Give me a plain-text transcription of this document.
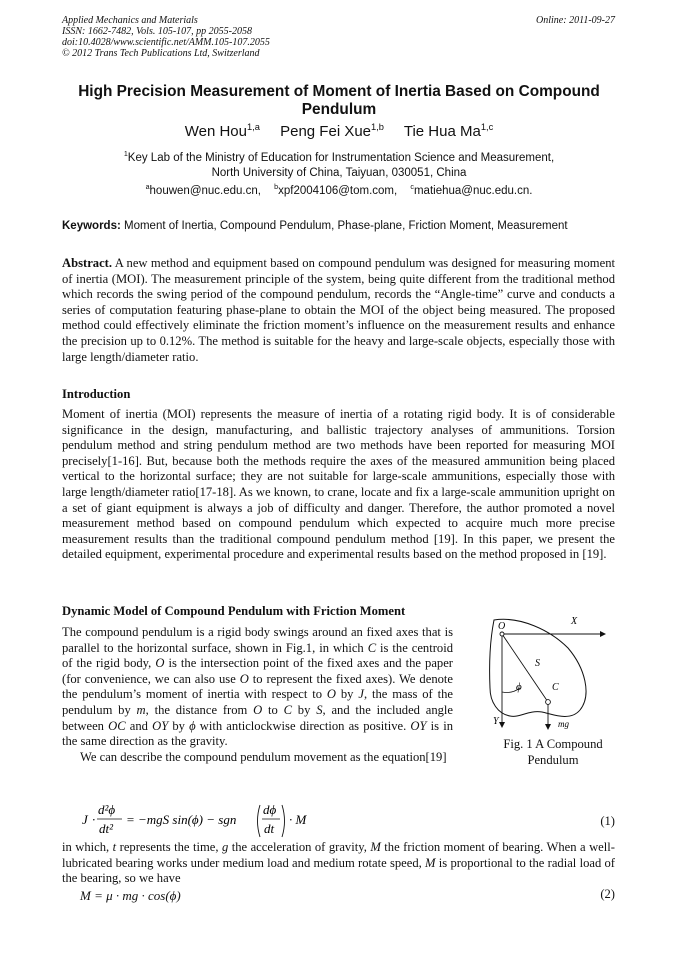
Applied Mechanics and Materials
ISSN: 1662-7482, Vols. 105-107, pp 2055-2058
doi:10.4028/www.scientific.net/AMM.105-107.2055
© 2012 Trans Tech Publications Ltd, Switzerland
Online: 2011-09-27
High Precision Measurement of Moment of Inertia Based on Compound Pendulum
Wen Hou$^{1,a}$ Peng Fei Xue$^{1,b}$ Tie Hua Ma$^{1,c}$
$^1$Key Lab of the Ministry of Education for Instrumentation Science and Measurement,
North University of China, Taiyuan, 030051, China
$^a$houwen@nuc.edu.cn, $^b$xpf2004106@tom.com, $^c$matiehua@nuc.edu.cn.
Keywords: Moment of Inertia, Compound Pendulum, Phase-plane, Friction Moment, Measurement
Abstract. A new method and equipment based on compound pendulum was designed for measuring moment of inertia (MOI). The measurement principle of the system, being quite different from the traditional method which records the swing period of the compound pendulum, records the “Angle-time” curve and conducts a series of computation featuring phase-plane to obtain the MOI of the object being measured. The proposed method could effectively eliminate the friction moment’s influence on the measurement results and enhance the precision up to 0.12%. The method is suitable for the heavy and large-scale objects, especially those with large length/diameter ratio.
Introduction
Moment of inertia (MOI) represents the measure of inertia of a rotating rigid body. It is of considerable significance in the design, manufacturing, and ballistic trajectory analyses of ammunitions. Torsion pendulum method and string pendulum method are two methods have been reported for measuring MOI precisely[1-16]. But, because both the methods require the axes of the measured ammunition being placed vertical to the horizontal surface; they are not suitable for large-scale ammunitions, especially those with large length/diameter ratio[17-18]. As we known, to crane, locate and fix a large-scale ammunition upright on a set of giant equipment is always a job of difficulty and danger. Therefore, the author promoted a novel measurement method based on compound pendulum which expected to acquire much more precise measurement results than the traditional compound pendulum method [19]. In this paper, we present the detailed equipment, experimental procedure and experimental results based on the method proposed in [19].
Dynamic Model of Compound Pendulum with Friction Moment
The compound pendulum is a rigid body swings around an fixed axes that is parallel to the horizontal surface, shown in Fig.1, in which C is the centroid of the rigid body, O is the intersection point of the fixed axes and the paper (for convenience, we can also use O to represent the fixed axes). We denote the pendulum’s moment of inertia with respect to O by J, the mass of the pendulum by m, the distance from O to C by S, and the included angle between OC and OY by ϕ with anticlockwise direction as positive. OY is in the same direction as the gravity.
We can describe the compound pendulum movement as the equation[19]
O	X
Y
S
C
ϕ
mg
Fig. 1 A Compound
Pendulum
J ·
d²ϕ
dt²
= −mgS sin(ϕ) − sgn
dϕ
dt
· M	(1)
in which, t represents the time, g the acceleration of gravity, M the friction moment of bearing. When a well-lubricated bearing works under medium load and medium rotate speed, M is proportional to the radial load of the bearing, so we have
M = μ · mg · cos(ϕ)	(2)
